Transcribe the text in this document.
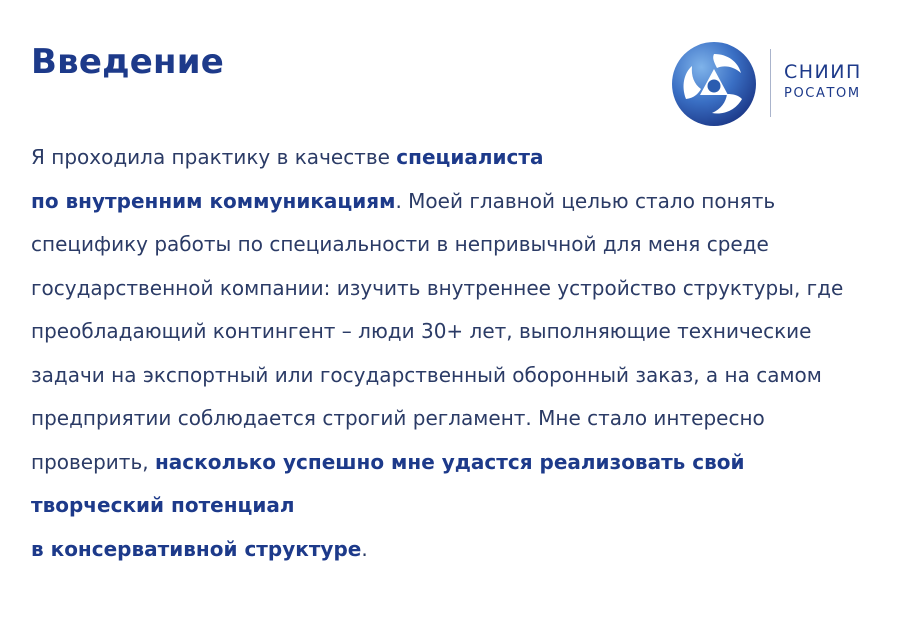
Введение	СНИИП
РОСАТОМ

Я проходила практику в качестве специалиста
по внутренним коммуникациям. Моей главной целью стало понять специфику работы по специальности в непривычной для меня среде государственной компании: изучить внутреннее устройство структуры, где преобладающий контингент – люди 30+ лет, выполняющие технические задачи на экспортный или государственный оборонный заказ, а на самом предприятии соблюдается строгий регламент. Мне стало интересно проверить, насколько успешно мне удастся реализовать свой творческий потенциал
в консервативной структуре.
